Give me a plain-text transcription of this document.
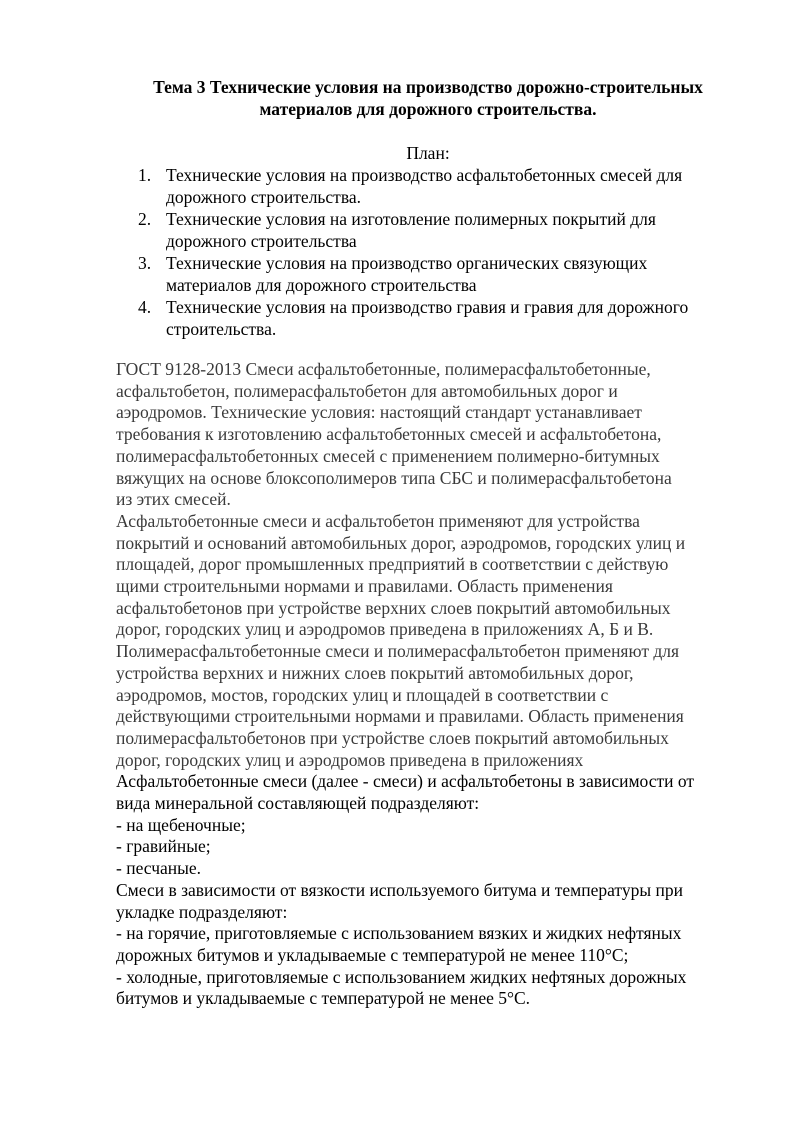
Тема 3 Технические условия на производство дорожно-строительных
материалов для дорожного строительства.

План:

1. Технические условия на производство асфальтобетонных смесей для
дорожного строительства.
2. Технические условия на изготовление полимерных покрытий для
дорожного строительства
3. Технические условия на производство органических связующих
материалов для дорожного строительства
4. Технические условия на производство гравия и гравия для дорожного
строительства.
ГОСТ 9128-2013 Смеси асфальтобетонные, полимерасфальтобетонные,
асфальтобетон, полимерасфальтобетон для автомобильных дорог и
аэродромов. Технические условия: настоящий стандарт устанавливает
требования к изготовлению асфальтобетонных смесей и асфальтобетона,
полимерасфальтобетонных смесей с применением полимерно-битумных
вяжущих на основе блоксополимеров типа СБС и полимерасфальтобетона
из этих смесей.
Асфальтобетонные смеси и асфальтобетон применяют для устройства
покрытий и оснований автомобильных дорог, аэродромов, городских улиц и
площадей, дорог промышленных предприятий в соответствии с действую
щими строительными нормами и правилами. Область применения
асфальтобетонов при устройстве верхних слоев покрытий автомобильных
дорог, городских улиц и аэродромов приведена в приложениях А, Б и В.
Полимерасфальтобетонные смеси и полимерасфальтобетон применяют для
устройства верхних и нижних слоев покрытий автомобильных дорог,
аэродромов, мостов, городских улиц и площадей в соответствии с
действующими строительными нормами и правилами. Область применения
полимерасфальтобетонов при устройстве слоев покрытий автомобильных
дорог, городских улиц и аэродромов приведена в приложениях
Асфальтобетонные смеси (далее - смеси) и асфальтобетоны в зависимости от
вида минеральной составляющей подразделяют:
- на щебеночные;
- гравийные;
- песчаные.
Смеси в зависимости от вязкости используемого битума и температуры при
укладке подразделяют:
- на горячие, приготовляемые с использованием вязких и жидких нефтяных
дорожных битумов и укладываемые с температурой не менее 110°С;
- холодные, приготовляемые с использованием жидких нефтяных дорожных
битумов и укладываемые с температурой не менее 5°С.
